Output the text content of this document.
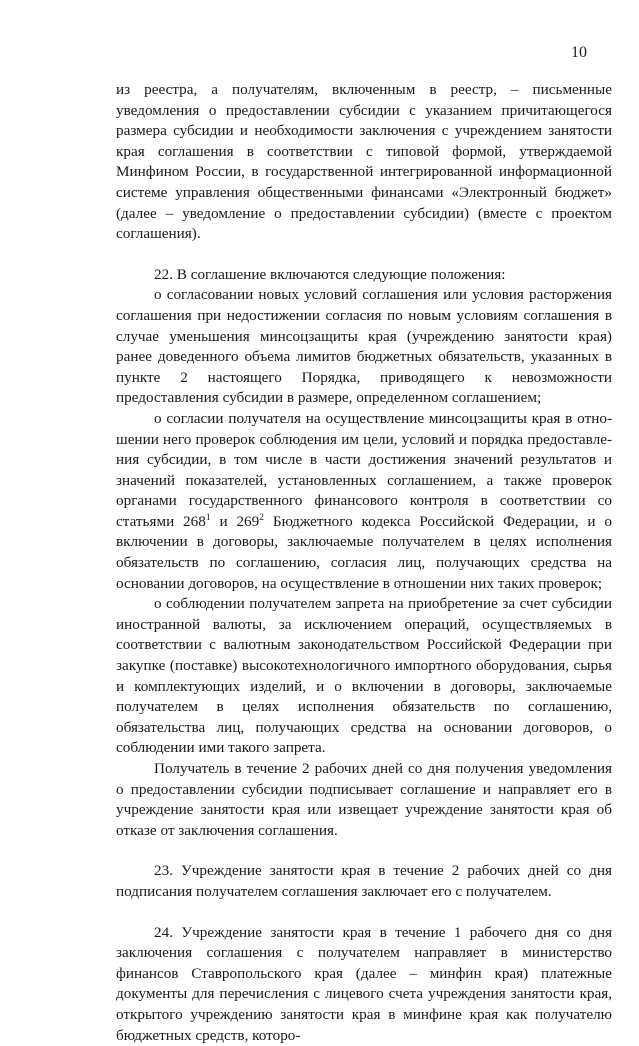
10

из реестра, а получателям, включенным в реестр, – письменные уведомления о предоставлении субсидии с указанием причитающегося размера субсидии и необходимости заключения с учреждением занятости края соглашения в соответствии с типовой формой, утверждаемой Минфином России, в государственной интегрированной информационной системе управления общественными финансами «Электронный бюджет» (далее – уведомление о предоставлении субсидии) (вместе с проектом соглашения).

22. В соглашение включаются следующие положения:

о согласовании новых условий соглашения или условия расторжения соглашения при недостижении согласия по новым условиям соглашения в случае уменьшения минсоцзащиты края (учреждению занятости края) ранее доведенного объема лимитов бюджетных обязательств, указанных в пункте 2 настоящего Порядка, приводящего к невозможности предоставления субсидии в размере, определенном соглашением;

о согласии получателя на осуществление минсоцзащиты края в отношении него проверок соблюдения им цели, условий и порядка предоставления субсидии, в том числе в части достижения значений результатов и значений показателей, установленных соглашением, а также проверок органами государственного финансового контроля в соответствии со статьями $268^1$ и $269^2$ Бюджетного кодекса Российской Федерации, и о включении в договоры, заключаемые получателем в целях исполнения обязательств по соглашению, согласия лиц, получающих средства на основании договоров, на осуществление в отношении них таких проверок;

о соблюдении получателем запрета на приобретение за счет субсидии иностранной валюты, за исключением операций, осуществляемых в соответствии с валютным законодательством Российской Федерации при закупке (поставке) высокотехнологичного импортного оборудования, сырья и комплектующих изделий, и о включении в договоры, заключаемые получателем в целях исполнения обязательств по соглашению, обязательства лиц, получающих средства на основании договоров, о соблюдении ими такого запрета.

Получатель в течение 2 рабочих дней со дня получения уведомления о предоставлении субсидии подписывает соглашение и направляет его в учреждение занятости края или извещает учреждение занятости края об отказе от заключения соглашения.

23. Учреждение занятости края в течение 2 рабочих дней со дня подписания получателем соглашения заключает его с получателем.

24. Учреждение занятости края в течение 1 рабочего дня со дня заключения соглашения с получателем направляет в министерство финансов Ставропольского края (далее – минфин края) платежные документы для перечисления с лицевого счета учреждения занятости края, открытого учреждению занятости края в минфине края как получателю бюджетных средств, которо-
